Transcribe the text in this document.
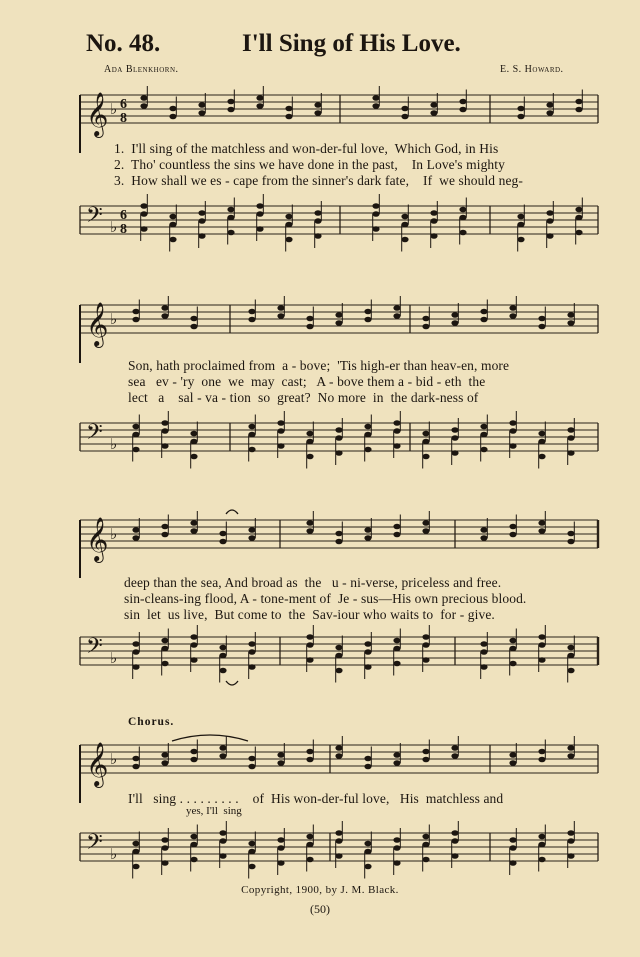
No. 48.	I'll Sing of His Love.
Ada Blenkhorn.	E. S. Howard.
𝄞 ♭ 6
8
1.  I'll sing of the matchless and won-der-ful love,  Which God, in His
2.  Tho' countless the sins we have done in the past,    In Love's mighty
3.  How shall we es - cape from the sinner's dark fate,    If  we should neg-
𝄢 ♭
6
8
𝄞 ♭
Son, hath proclaimed from  a - bove;  'Tis high-er than heav-en, more
sea   ev - 'ry  one  we  may  cast;   A - bove them a - bid - eth  the
lect   a    sal - va - tion  so  great?  No more  in  the dark-ness of
𝄢 ♭
𝄞 ♭
deep than the sea, And broad as  the   u - ni-verse, priceless and free.
sin-cleans-ing flood, A - tone-ment of  Je - sus—His own precious blood.
sin  let  us live,  But come to  the  Sav-iour who waits to  for - give.
𝄢 ♭
Chorus.
𝄞 ♭
I'll   sing . . . . . . . . .    of  His won-der-ful love,   His  matchless and
yes, I'll  sing
𝄢 ♭
Copyright, 1900, by J. M. Black.
(50)
